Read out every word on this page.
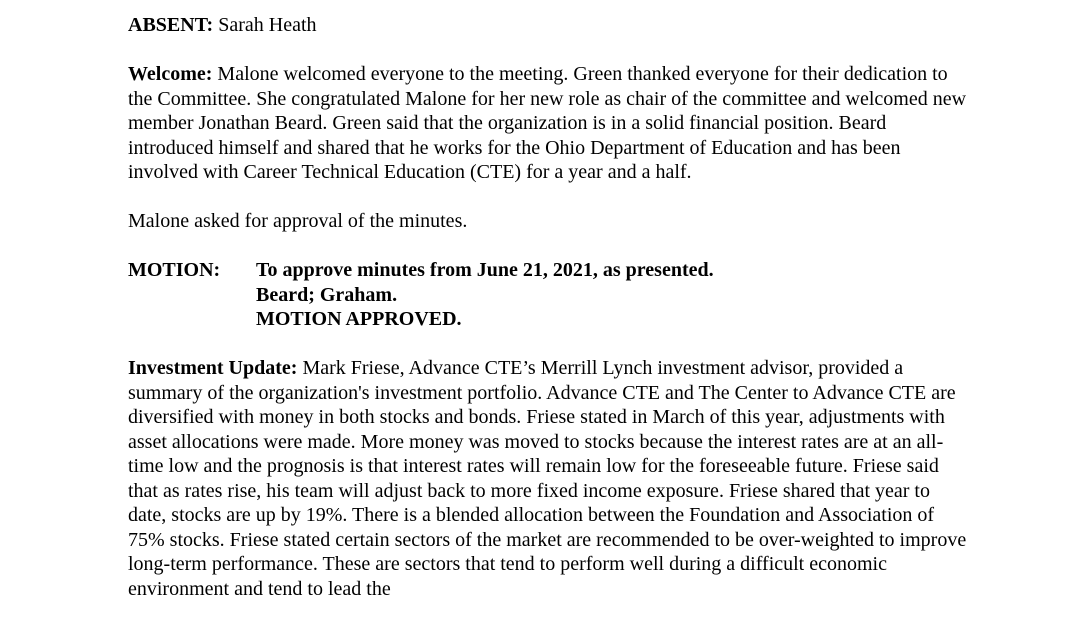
ABSENT: Sarah Heath

Welcome: Malone welcomed everyone to the meeting. Green thanked everyone for their dedication to the Committee. She congratulated Malone for her new role as chair of the committee and welcomed new member Jonathan Beard. Green said that the organization is in a solid financial position. Beard introduced himself and shared that he works for the Ohio Department of Education and has been involved with Career Technical Education (CTE) for a year and a half.

Malone asked for approval of the minutes.

MOTION:	To approve minutes from June 21, 2021, as presented.
Beard; Graham.
MOTION APPROVED.

Investment Update: Mark Friese, Advance CTE’s Merrill Lynch investment advisor, provided a summary of the organization's investment portfolio. Advance CTE and The Center to Advance CTE are diversified with money in both stocks and bonds. Friese stated in March of this year, adjustments with asset allocations were made. More money was moved to stocks because the interest rates are at an all-time low and the prognosis is that interest rates will remain low for the foreseeable future. Friese said that as rates rise, his team will adjust back to more fixed income exposure. Friese shared that year to date, stocks are up by 19%. There is a blended allocation between the Foundation and Association of 75% stocks. Friese stated certain sectors of the market are recommended to be over-weighted to improve long-term performance. These are sectors that tend to perform well during a difficult economic environment and tend to lead the
